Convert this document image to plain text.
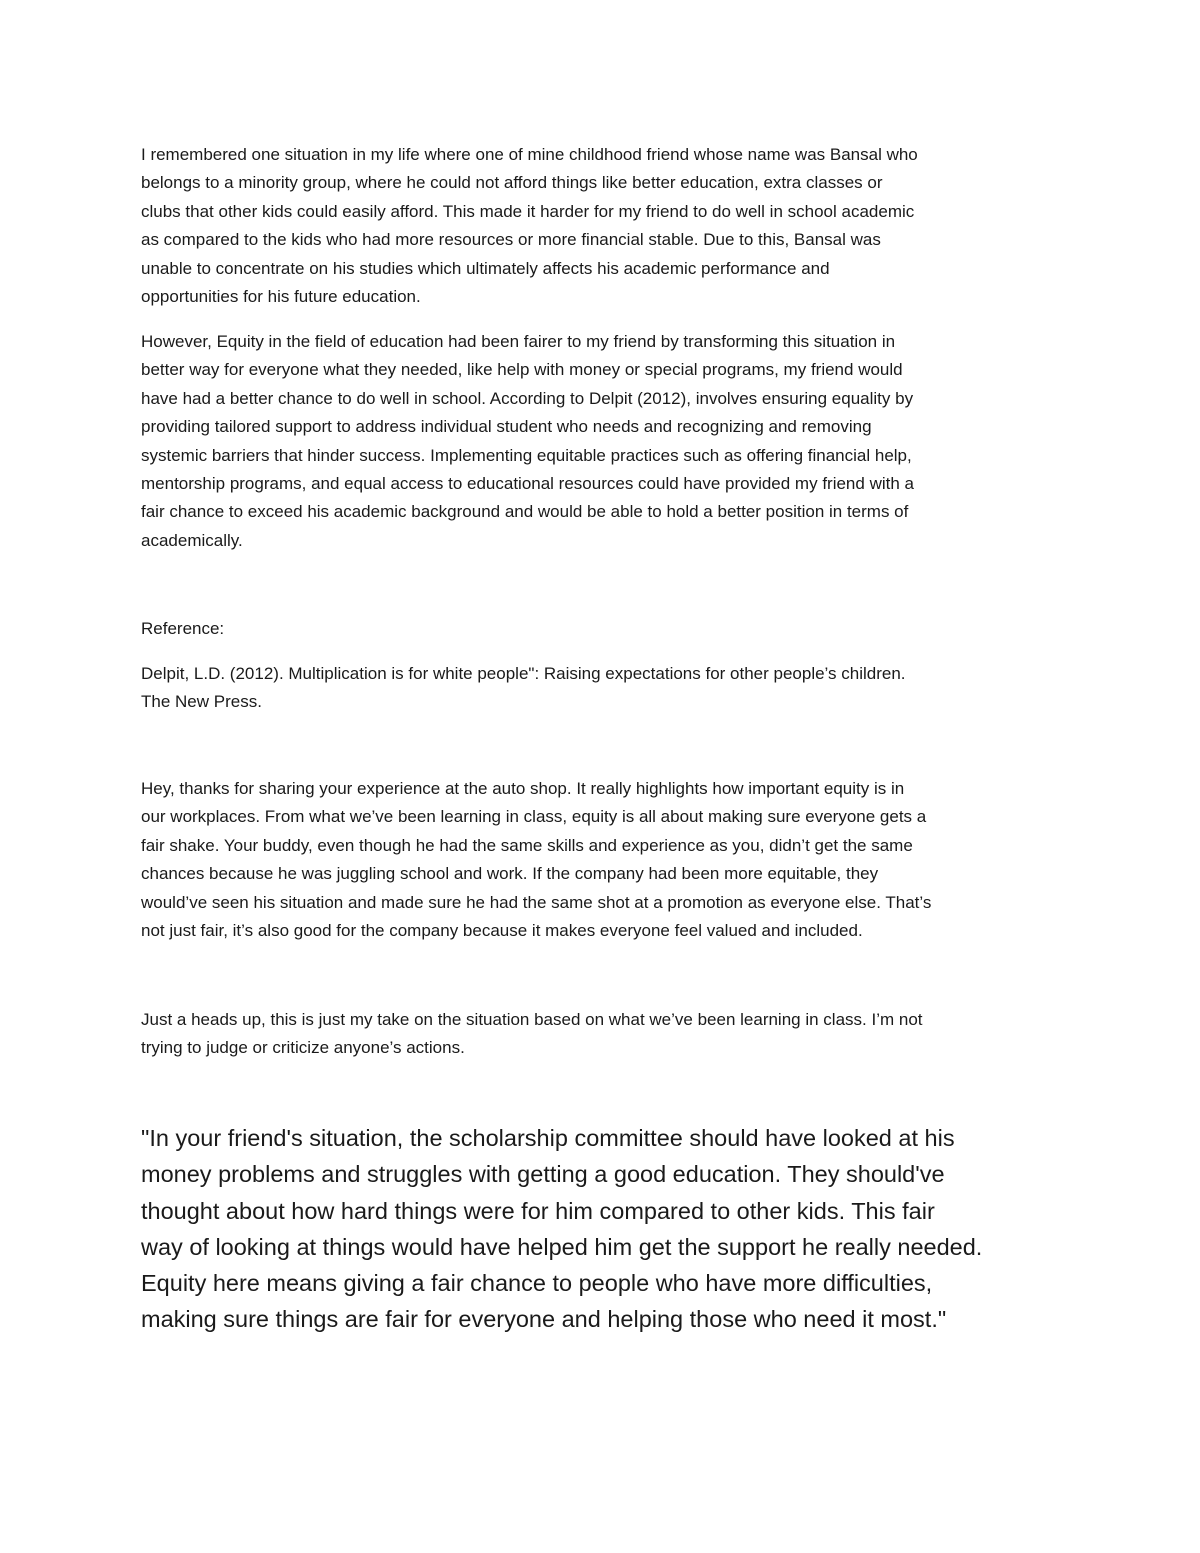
I remembered one situation in my life where one of mine childhood friend whose name was Bansal who
belongs to a minority group, where he could not afford things like better education, extra classes or
clubs that other kids could easily afford. This made it harder for my friend to do well in school academic
as compared to the kids who had more resources or more financial stable. Due to this, Bansal was
unable to concentrate on his studies which ultimately affects his academic performance and
opportunities for his future education.

However, Equity in the field of education had been fairer to my friend by transforming this situation in
better way for everyone what they needed, like help with money or special programs, my friend would
have had a better chance to do well in school. According to Delpit (2012), involves ensuring equality by
providing tailored support to address individual student who needs and recognizing and removing
systemic barriers that hinder success. Implementing equitable practices such as offering financial help,
mentorship programs, and equal access to educational resources could have provided my friend with a
fair chance to exceed his academic background and would be able to hold a better position in terms of
academically.

Reference:

Delpit, L.D. (2012). Multiplication is for white people": Raising expectations for other people’s children.
The New Press.

Hey, thanks for sharing your experience at the auto shop. It really highlights how important equity is in
our workplaces. From what we’ve been learning in class, equity is all about making sure everyone gets a
fair shake. Your buddy, even though he had the same skills and experience as you, didn’t get the same
chances because he was juggling school and work. If the company had been more equitable, they
would’ve seen his situation and made sure he had the same shot at a promotion as everyone else. That’s
not just fair, it’s also good for the company because it makes everyone feel valued and included.

Just a heads up, this is just my take on the situation based on what we’ve been learning in class. I’m not
trying to judge or criticize anyone’s actions.

"In your friend's situation, the scholarship committee should have looked at his
money problems and struggles with getting a good education. They should've
thought about how hard things were for him compared to other kids. This fair
way of looking at things would have helped him get the support he really needed.
Equity here means giving a fair chance to people who have more difficulties,
making sure things are fair for everyone and helping those who need it most."
